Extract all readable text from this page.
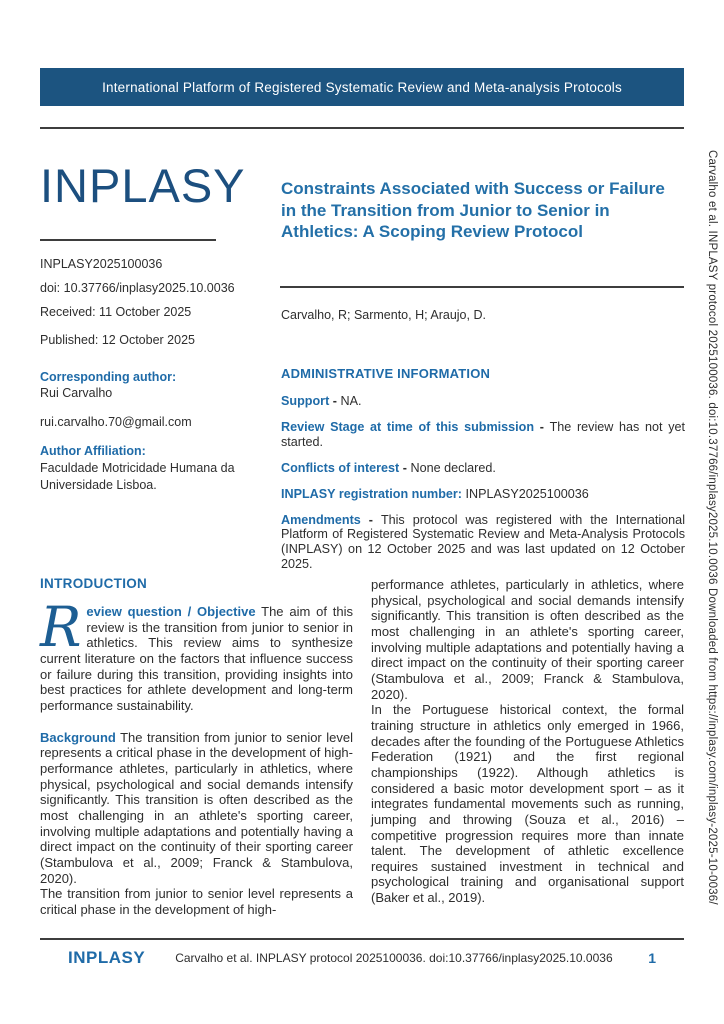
International Platform of Registered Systematic Review and Meta-analysis Protocols
INPLASY

INPLASY2025100036

doi: 10.37766/inplasy2025.10.0036

Received: 11 October 2025

Published: 12 October 2025

Corresponding author:

Rui Carvalho

rui.carvalho.70@gmail.com

Author Affiliation:

Faculdade Motricidade Humana da Universidade Lisboa.

Constraints Associated with Success or Failure in the Transition from Junior to Senior in Athletics: A Scoping Review Protocol
Carvalho, R; Sarmento, H; Araujo, D.
ADMINISTRATIVE INFORMATION

Support - NA.

Review Stage at time of this submission - The review has not yet started.

Conflicts of interest - None declared.

INPLASY registration number: INPLASY2025100036

Amendments - This protocol was registered with the International Platform of Registered Systematic Review and Meta-Analysis Protocols (INPLASY) on 12 October 2025 and was last updated on 12 October 2025.

INTRODUCTION

Review question / Objective The aim of this review is the transition from junior to senior in athletics. This review aims to synthesize current literature on the factors that influence success or failure during this transition, providing insights into best practices for athlete development and long-term performance sustainability.

Background The transition from junior to senior level represents a critical phase in the development of high-performance athletes, particularly in athletics, where physical, psychological and social demands intensify significantly. This transition is often described as the most challenging in an athlete's sporting career, involving multiple adaptations and potentially having a direct impact on the continuity of their sporting career (Stambulova et al., 2009; Franck & Stambulova, 2020).

The transition from junior to senior level represents a critical phase in the development of high-

performance athletes, particularly in athletics, where physical, psychological and social demands intensify significantly. This transition is often described as the most challenging in an athlete's sporting career, involving multiple adaptations and potentially having a direct impact on the continuity of their sporting career (Stambulova et al., 2009; Franck & Stambulova, 2020).

In the Portuguese historical context, the formal training structure in athletics only emerged in 1966, decades after the founding of the Portuguese Athletics Federation (1921) and the first regional championships (1922). Although athletics is considered a basic motor development sport – as it integrates fundamental movements such as running, jumping and throwing (Souza et al., 2016) – competitive progression requires more than innate talent. The development of athletic excellence requires sustained investment in technical and psychological training and organisational support (Baker et al., 2019).	Carvalho et al. INPLASY protocol 2025100036. doi:10.37766/inplasy2025.10.0036 Downloaded from https://inplasy.com/inplasy-2025-10-0036/
INPLASY	Carvalho et al. INPLASY protocol 2025100036. doi:10.37766/inplasy2025.10.0036	1
